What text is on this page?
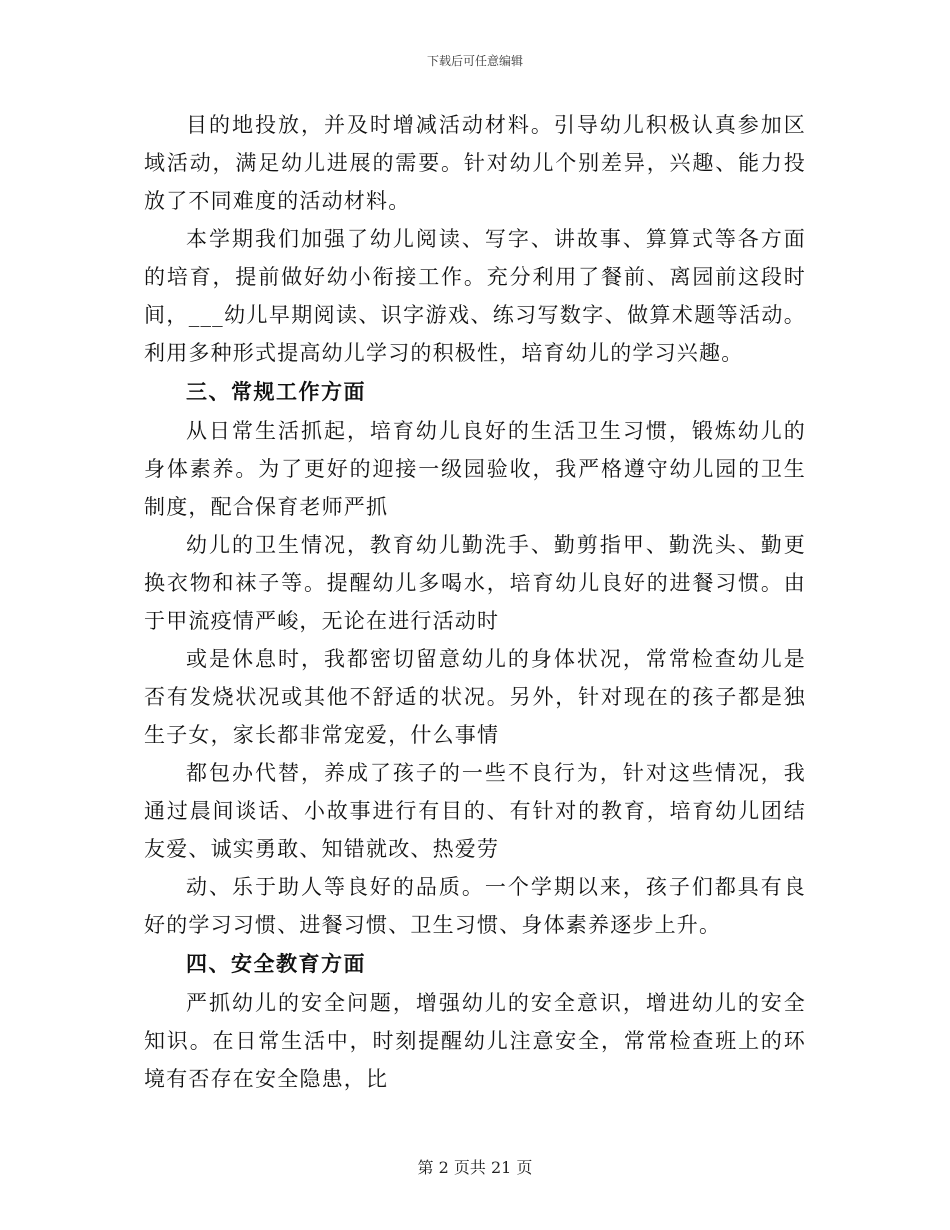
下载后可任意编辑

目的地投放，并及时增减活动材料。引导幼儿积极认真参加区域活动，满足幼儿进展的需要。针对幼儿个别差异，兴趣、能力投放了不同难度的活动材料。

本学期我们加强了幼儿阅读、写字、讲故事、算算式等各方面的培育，提前做好幼小衔接工作。充分利用了餐前、离园前这段时间，___幼儿早期阅读、识字游戏、练习写数字、做算术题等活动。利用多种形式提高幼儿学习的积极性，培育幼儿的学习兴趣。

三、常规工作方面

从日常生活抓起，培育幼儿良好的生活卫生习惯，锻炼幼儿的身体素养。为了更好的迎接一级园验收，我严格遵守幼儿园的卫生制度，配合保育老师严抓

幼儿的卫生情况，教育幼儿勤洗手、勤剪指甲、勤洗头、勤更换衣物和袜子等。提醒幼儿多喝水，培育幼儿良好的进餐习惯。由于甲流疫情严峻，无论在进行活动时

或是休息时，我都密切留意幼儿的身体状况，常常检查幼儿是否有发烧状况或其他不舒适的状况。另外，针对现在的孩子都是独生子女，家长都非常宠爱，什么事情

都包办代替，养成了孩子的一些不良行为，针对这些情况，我通过晨间谈话、小故事进行有目的、有针对的教育，培育幼儿团结友爱、诚实勇敢、知错就改、热爱劳

动、乐于助人等良好的品质。一个学期以来，孩子们都具有良好的学习习惯、进餐习惯、卫生习惯、身体素养逐步上升。

四、安全教育方面

严抓幼儿的安全问题，增强幼儿的安全意识，增进幼儿的安全知识。在日常生活中，时刻提醒幼儿注意安全，常常检查班上的环境有否存在安全隐患，比

第 2 页共 21 页
